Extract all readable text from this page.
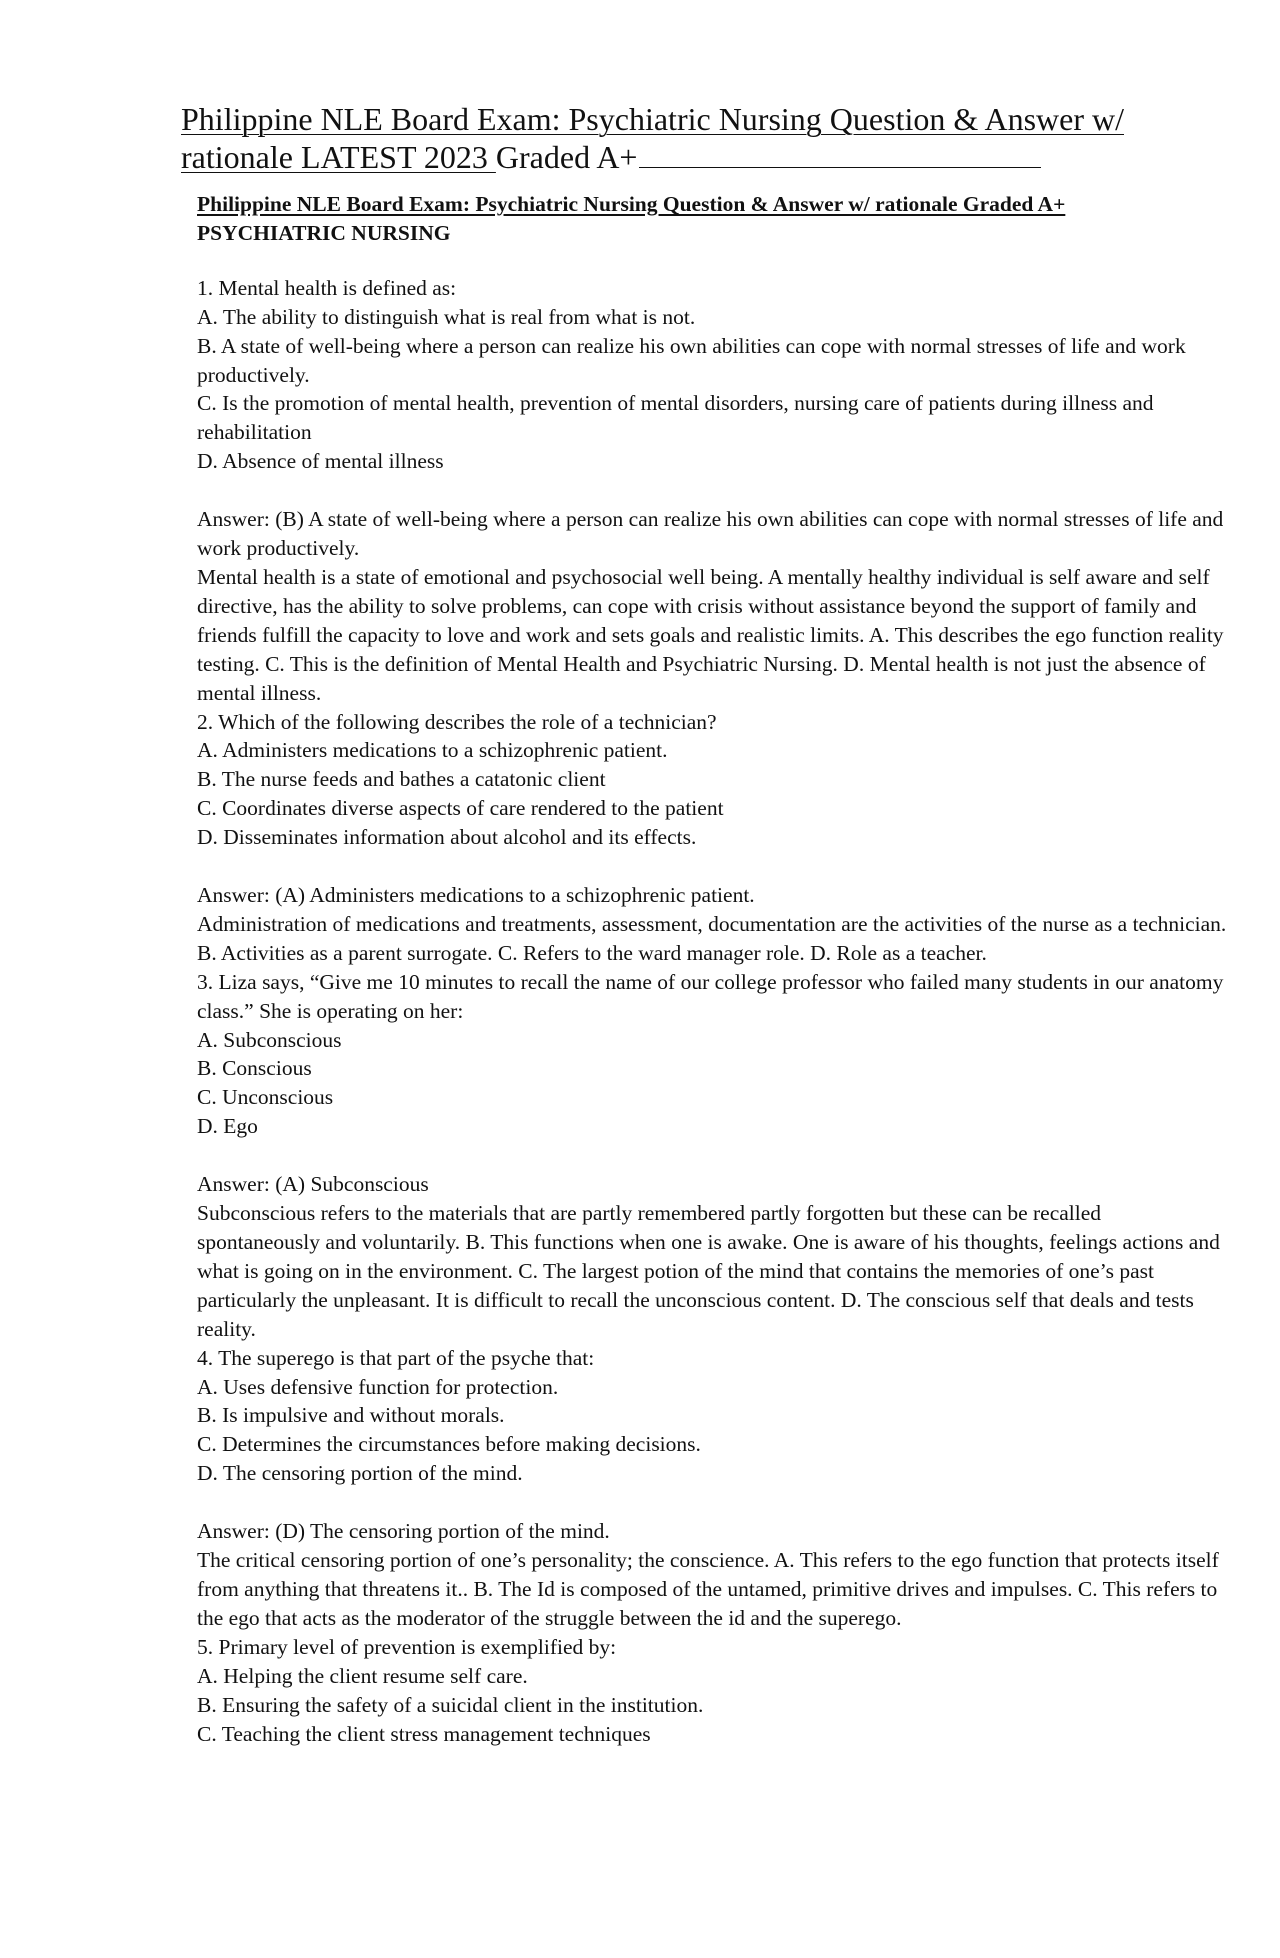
Philippine NLE Board Exam: Psychiatric Nursing Question & Answer w/
rationale LATEST 2023 Graded A+

Philippine NLE Board Exam: Psychiatric Nursing Question & Answer w/ rationale Graded A+

PSYCHIATRIC NURSING

1. Mental health is defined as:

A. The ability to distinguish what is real from what is not.

B. A state of well-being where a person can realize his own abilities can cope with normal stresses of life and work productively.

C. Is the promotion of mental health, prevention of mental disorders, nursing care of patients during illness and rehabilitation

D. Absence of mental illness

Answer: (B) A state of well-being where a person can realize his own abilities can cope with normal stresses of life and work productively.

Mental health is a state of emotional and psychosocial well being. A mentally healthy individual is self aware and self directive, has the ability to solve problems, can cope with crisis without assistance beyond the support of family and friends fulfill the capacity to love and work and sets goals and realistic limits. A. This describes the ego function reality testing. C. This is the definition of Mental Health and Psychiatric Nursing. D. Mental health is not just the absence of mental illness.

2. Which of the following describes the role of a technician?

A. Administers medications to a schizophrenic patient.

B. The nurse feeds and bathes a catatonic client

C. Coordinates diverse aspects of care rendered to the patient

D. Disseminates information about alcohol and its effects.

Answer: (A) Administers medications to a schizophrenic patient.

Administration of medications and treatments, assessment, documentation are the activities of the nurse as a technician. B. Activities as a parent surrogate. C. Refers to the ward manager role. D. Role as a teacher.

3. Liza says, “Give me 10 minutes to recall the name of our college professor who failed many students in our anatomy class.” She is operating on her:

A. Subconscious

B. Conscious

C. Unconscious

D. Ego

Answer: (A) Subconscious

Subconscious refers to the materials that are partly remembered partly forgotten but these can be recalled spontaneously and voluntarily. B. This functions when one is awake. One is aware of his thoughts, feelings actions and what is going on in the environment. C. The largest potion of the mind that contains the memories of one’s past particularly the unpleasant. It is difficult to recall the unconscious content. D. The conscious self that deals and tests reality.

4. The superego is that part of the psyche that:

A. Uses defensive function for protection.

B. Is impulsive and without morals.

C. Determines the circumstances before making decisions.

D. The censoring portion of the mind.

Answer: (D) The censoring portion of the mind.

The critical censoring portion of one’s personality; the conscience. A. This refers to the ego function that protects itself from anything that threatens it.. B. The Id is composed of the untamed, primitive drives and impulses. C. This refers to the ego that acts as the moderator of the struggle between the id and the superego.

5. Primary level of prevention is exemplified by:

A. Helping the client resume self care.

B. Ensuring the safety of a suicidal client in the institution.

C. Teaching the client stress management techniques
